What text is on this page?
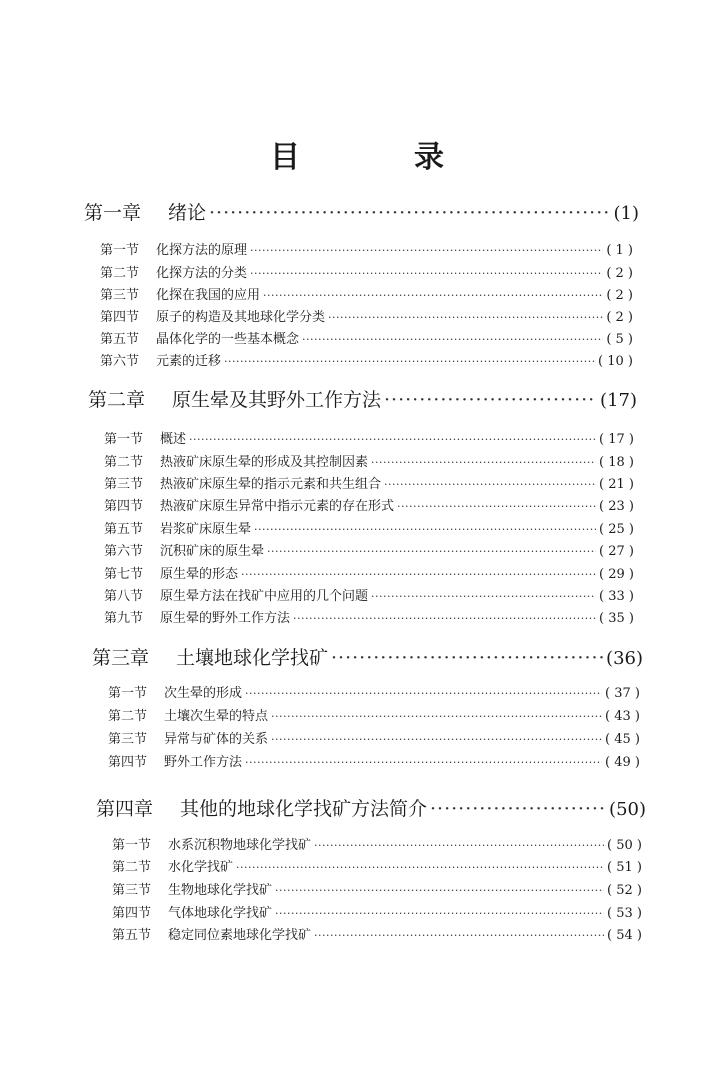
目	录
第一章	绪论 ·····	(1)
第一节	化探方法的原理 ·····	( 1 )
第二节	化探方法的分类 ·····	( 2 )
第三节	化探在我国的应用 ·····	( 2 )
第四节	原子的构造及其地球化学分类 ·····	( 2 )
第五节	晶体化学的一些基本概念 ·····	( 5 )
第六节	元素的迁移 ·····	( 10 )
第二章	原生晕及其野外工作方法 ·····	(17)
第一节	概述 ·····	( 17 )
第二节	热液矿床原生晕的形成及其控制因素 ·····	( 18 )
第三节	热液矿床原生晕的指示元素和共生组合 ·····	( 21 )
第四节	热液矿床原生异常中指示元素的存在形式 ·····	( 23 )
第五节	岩浆矿床原生晕 ·····	( 25 )
第六节	沉积矿床的原生晕 ·····	( 27 )
第七节	原生晕的形态 ·····	( 29 )
第八节	原生晕方法在找矿中应用的几个问题 ·····	( 33 )
第九节	原生晕的野外工作方法 ·····	( 35 )
第三章	土壤地球化学找矿 ·····	(36)
第一节	次生晕的形成 ·····	( 37 )
第二节	土壤次生晕的特点 ·····	( 43 )
第三节	异常与矿体的关系 ·····	( 45 )
第四节	野外工作方法 ·····	( 49 )
第四章	其他的地球化学找矿方法简介 ·····	(50)
第一节	水系沉积物地球化学找矿 ·····	( 50 )
第二节	水化学找矿 ·····	( 51 )
第三节	生物地球化学找矿 ·····	( 52 )
第四节	气体地球化学找矿 ·····	( 53 )
第五节	稳定同位素地球化学找矿 ·····	( 54 )
